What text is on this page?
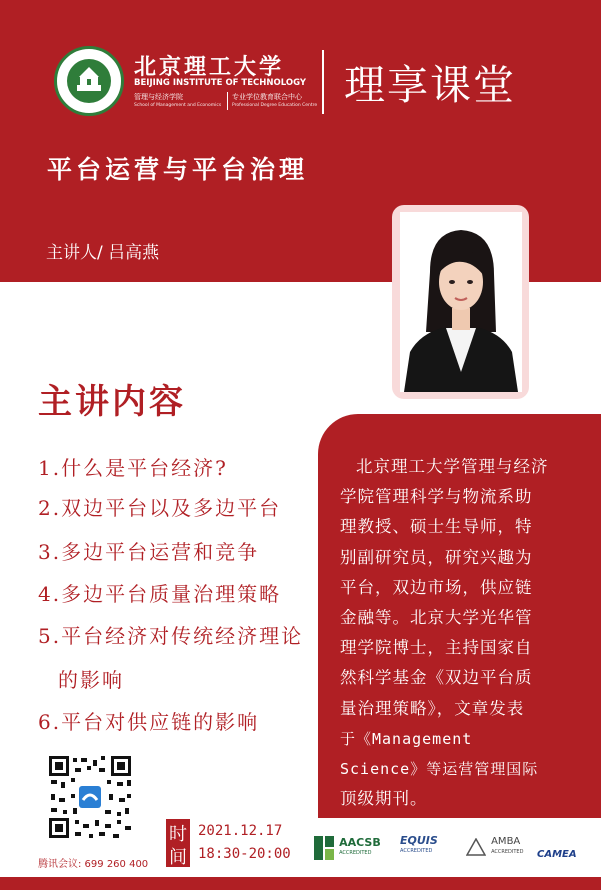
北京理工大学
BEIJING INSTITUTE OF TECHNOLOGY
管理与经济学院
School of Management and Economics
专业学位教育联合中心
Professional Degree Education Centre 理享课堂
平台运营与平台治理
主讲人/ 吕高燕
主讲内容
1.什么是平台经济?
2.双边平台以及多边平台
3.多边平台运营和竞争
4.多边平台质量治理策略
5.平台经济对传统经济理论
的影响
6.平台对供应链的影响
北京理工大学管理与经济
学院管理科学与物流系助
理教授、硕士生导师，特
别副研究员，研究兴趣为
平台，双边市场，供应链
金融等。北京大学光华管
理学院博士，主持国家自
然科学基金《双边平台质
量治理策略》，文章发表
于《Management
Science》等运营管理国际
顶级期刊。
腾讯会议: 699 260 400
时
间
2021.12.17
18:30-20:00

AACSB
ACCREDITED
EQUIS
ACCREDITED

AMBA
ACCREDITED CAMEA
